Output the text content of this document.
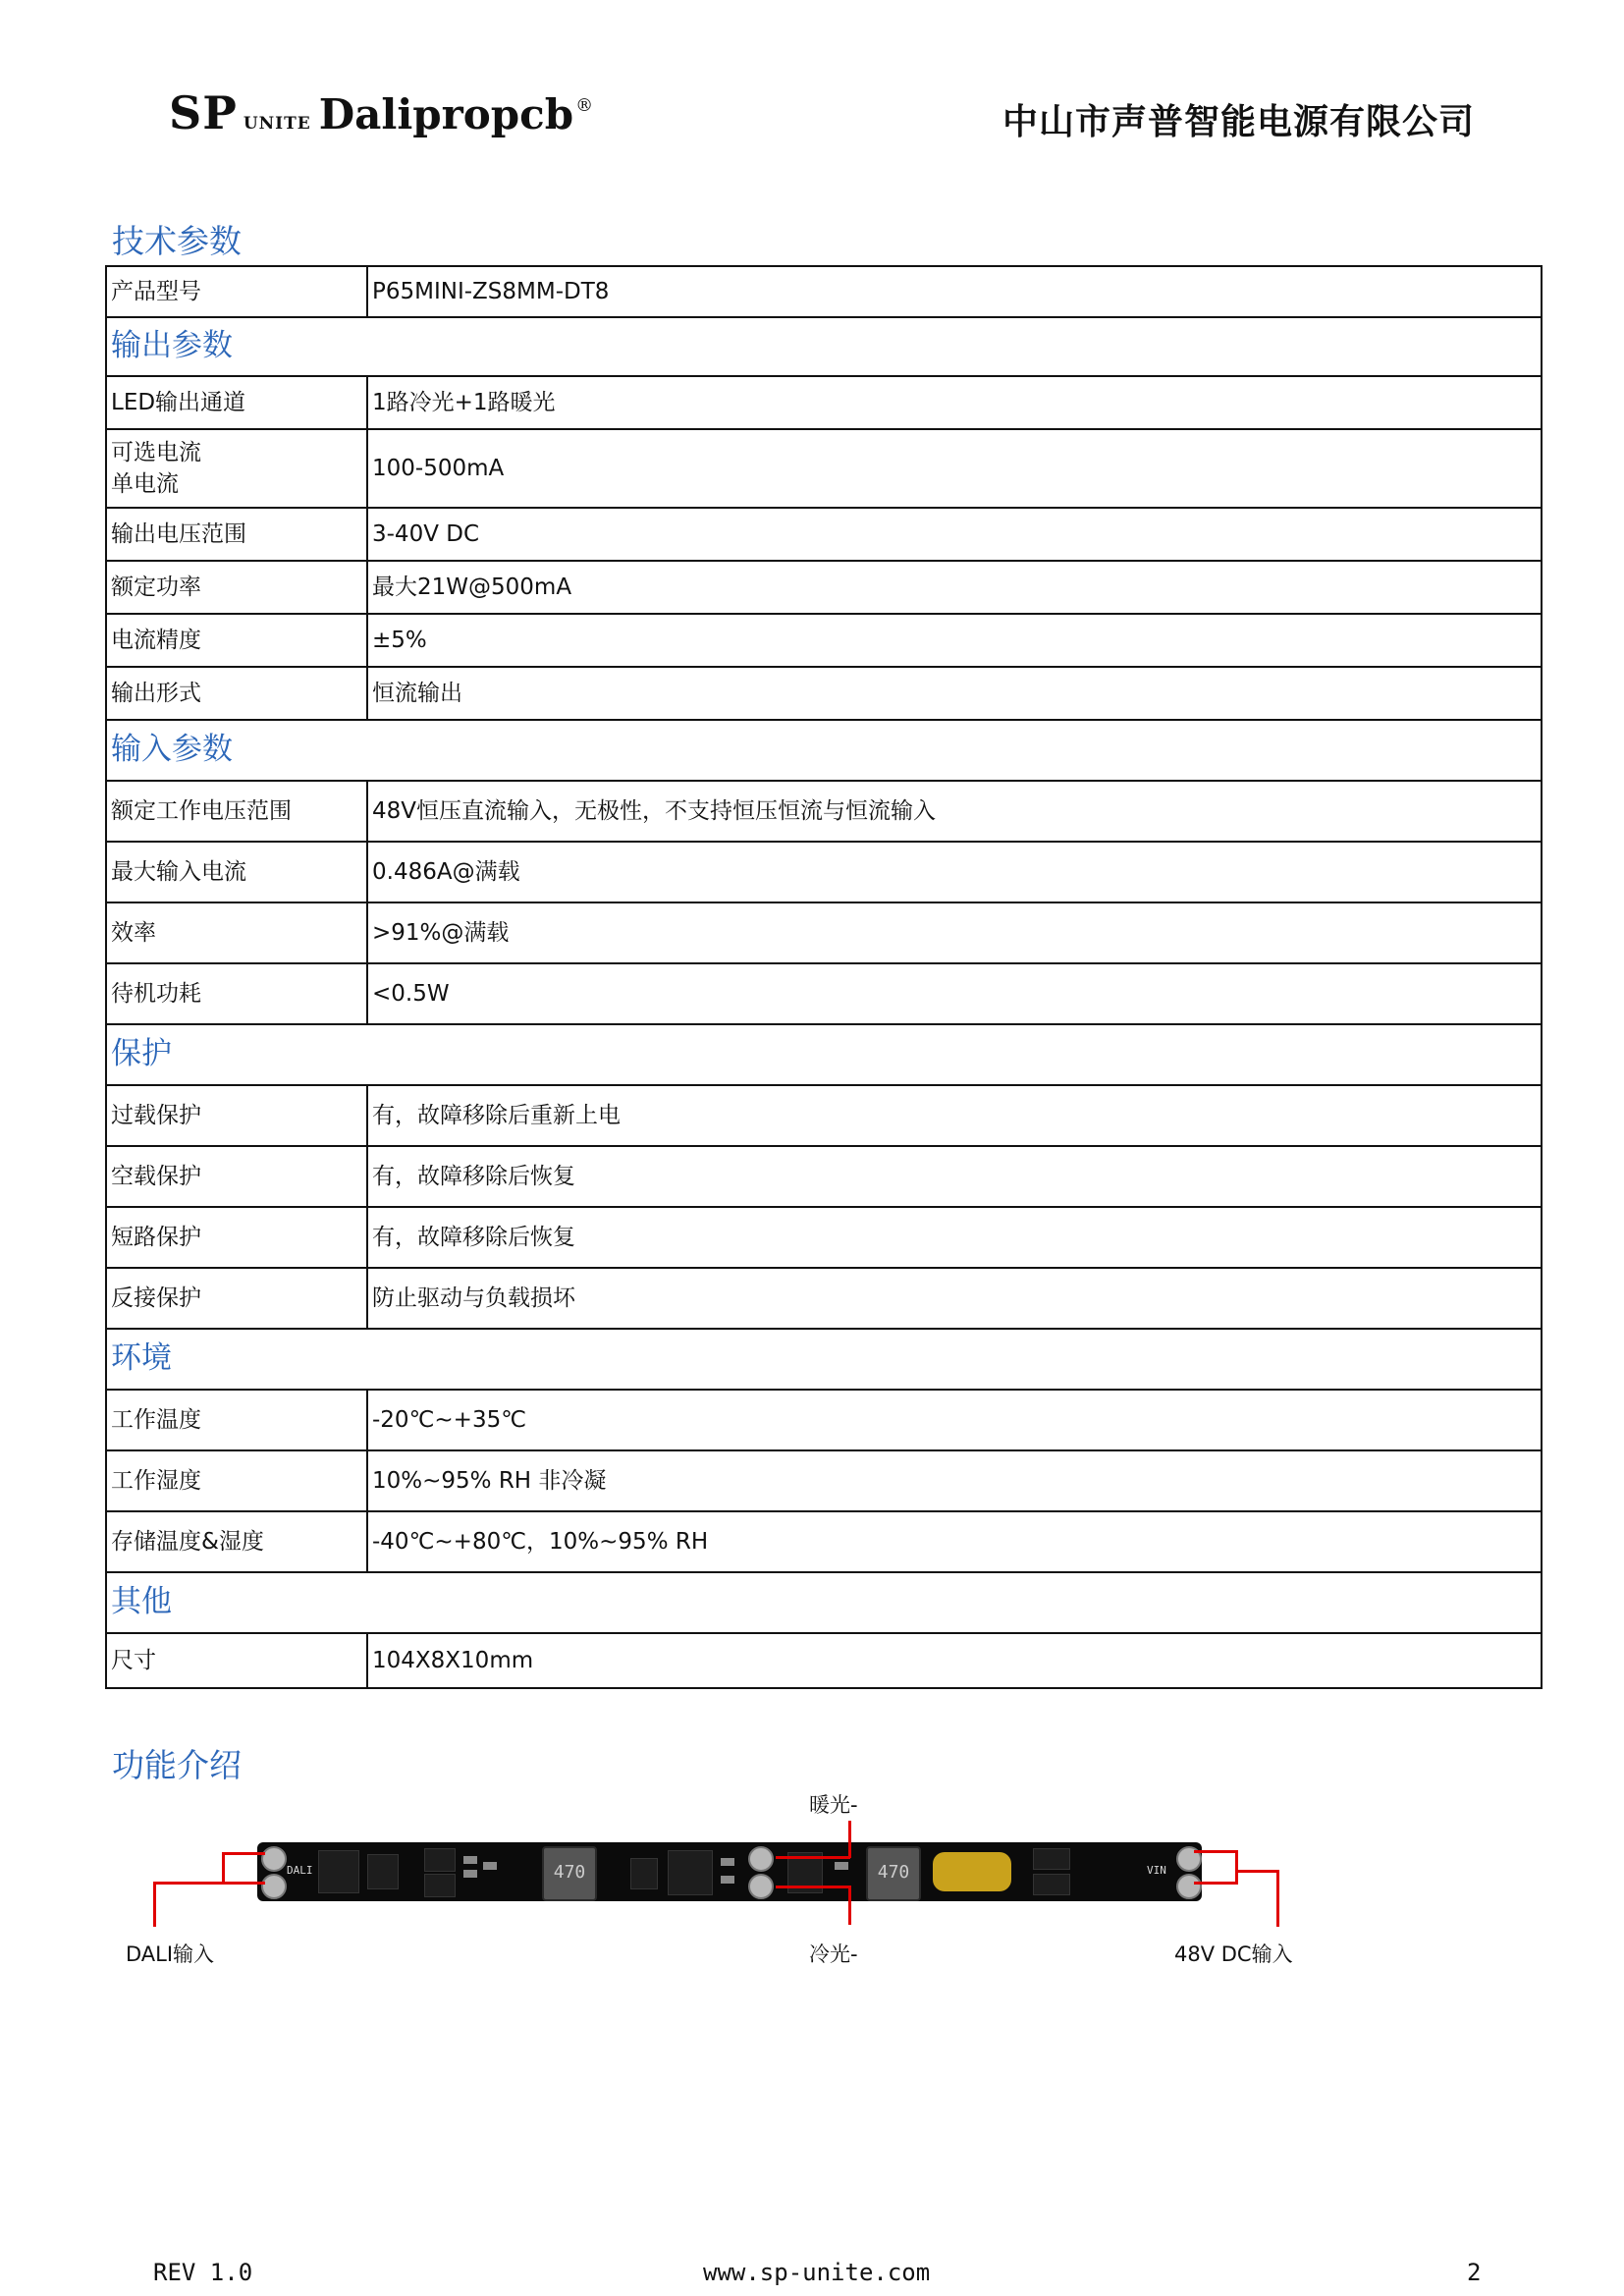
SP UNITE Dalipropcb ®	中山市声普智能电源有限公司
技术参数
产品型号	P65MINI-ZS8MM-DT8
输出参数	
LED输出通道	1路冷光+1路暖光

可选电流
单电流	100-500mA
输出电压范围	3-40V DC
额定功率	最大21W@500mA
电流精度	±5%
输出形式	恒流输出
输入参数	
额定工作电压范围	48V恒压直流输入，无极性，不支持恒压恒流与恒流输入
最大输入电流	0.486A@满载
效率	>91%@满载
待机功耗	<0.5W
保护	
过载保护	有，故障移除后重新上电
空载保护	有，故障移除后恢复
短路保护	有，故障移除后恢复
反接保护	防止驱动与负载损坏
环境	
工作温度	-20℃~+35℃
工作湿度	10%~95% RH 非冷凝
存储温度&湿度	-40℃~+80℃，10%~95% RH
其他	
尺寸	104X8X10mm
功能介绍
DALI	470	470	VIN
暖光-
冷光-
DALI输入	48V DC输入
REV 1.0	www.sp-unite.com	2
